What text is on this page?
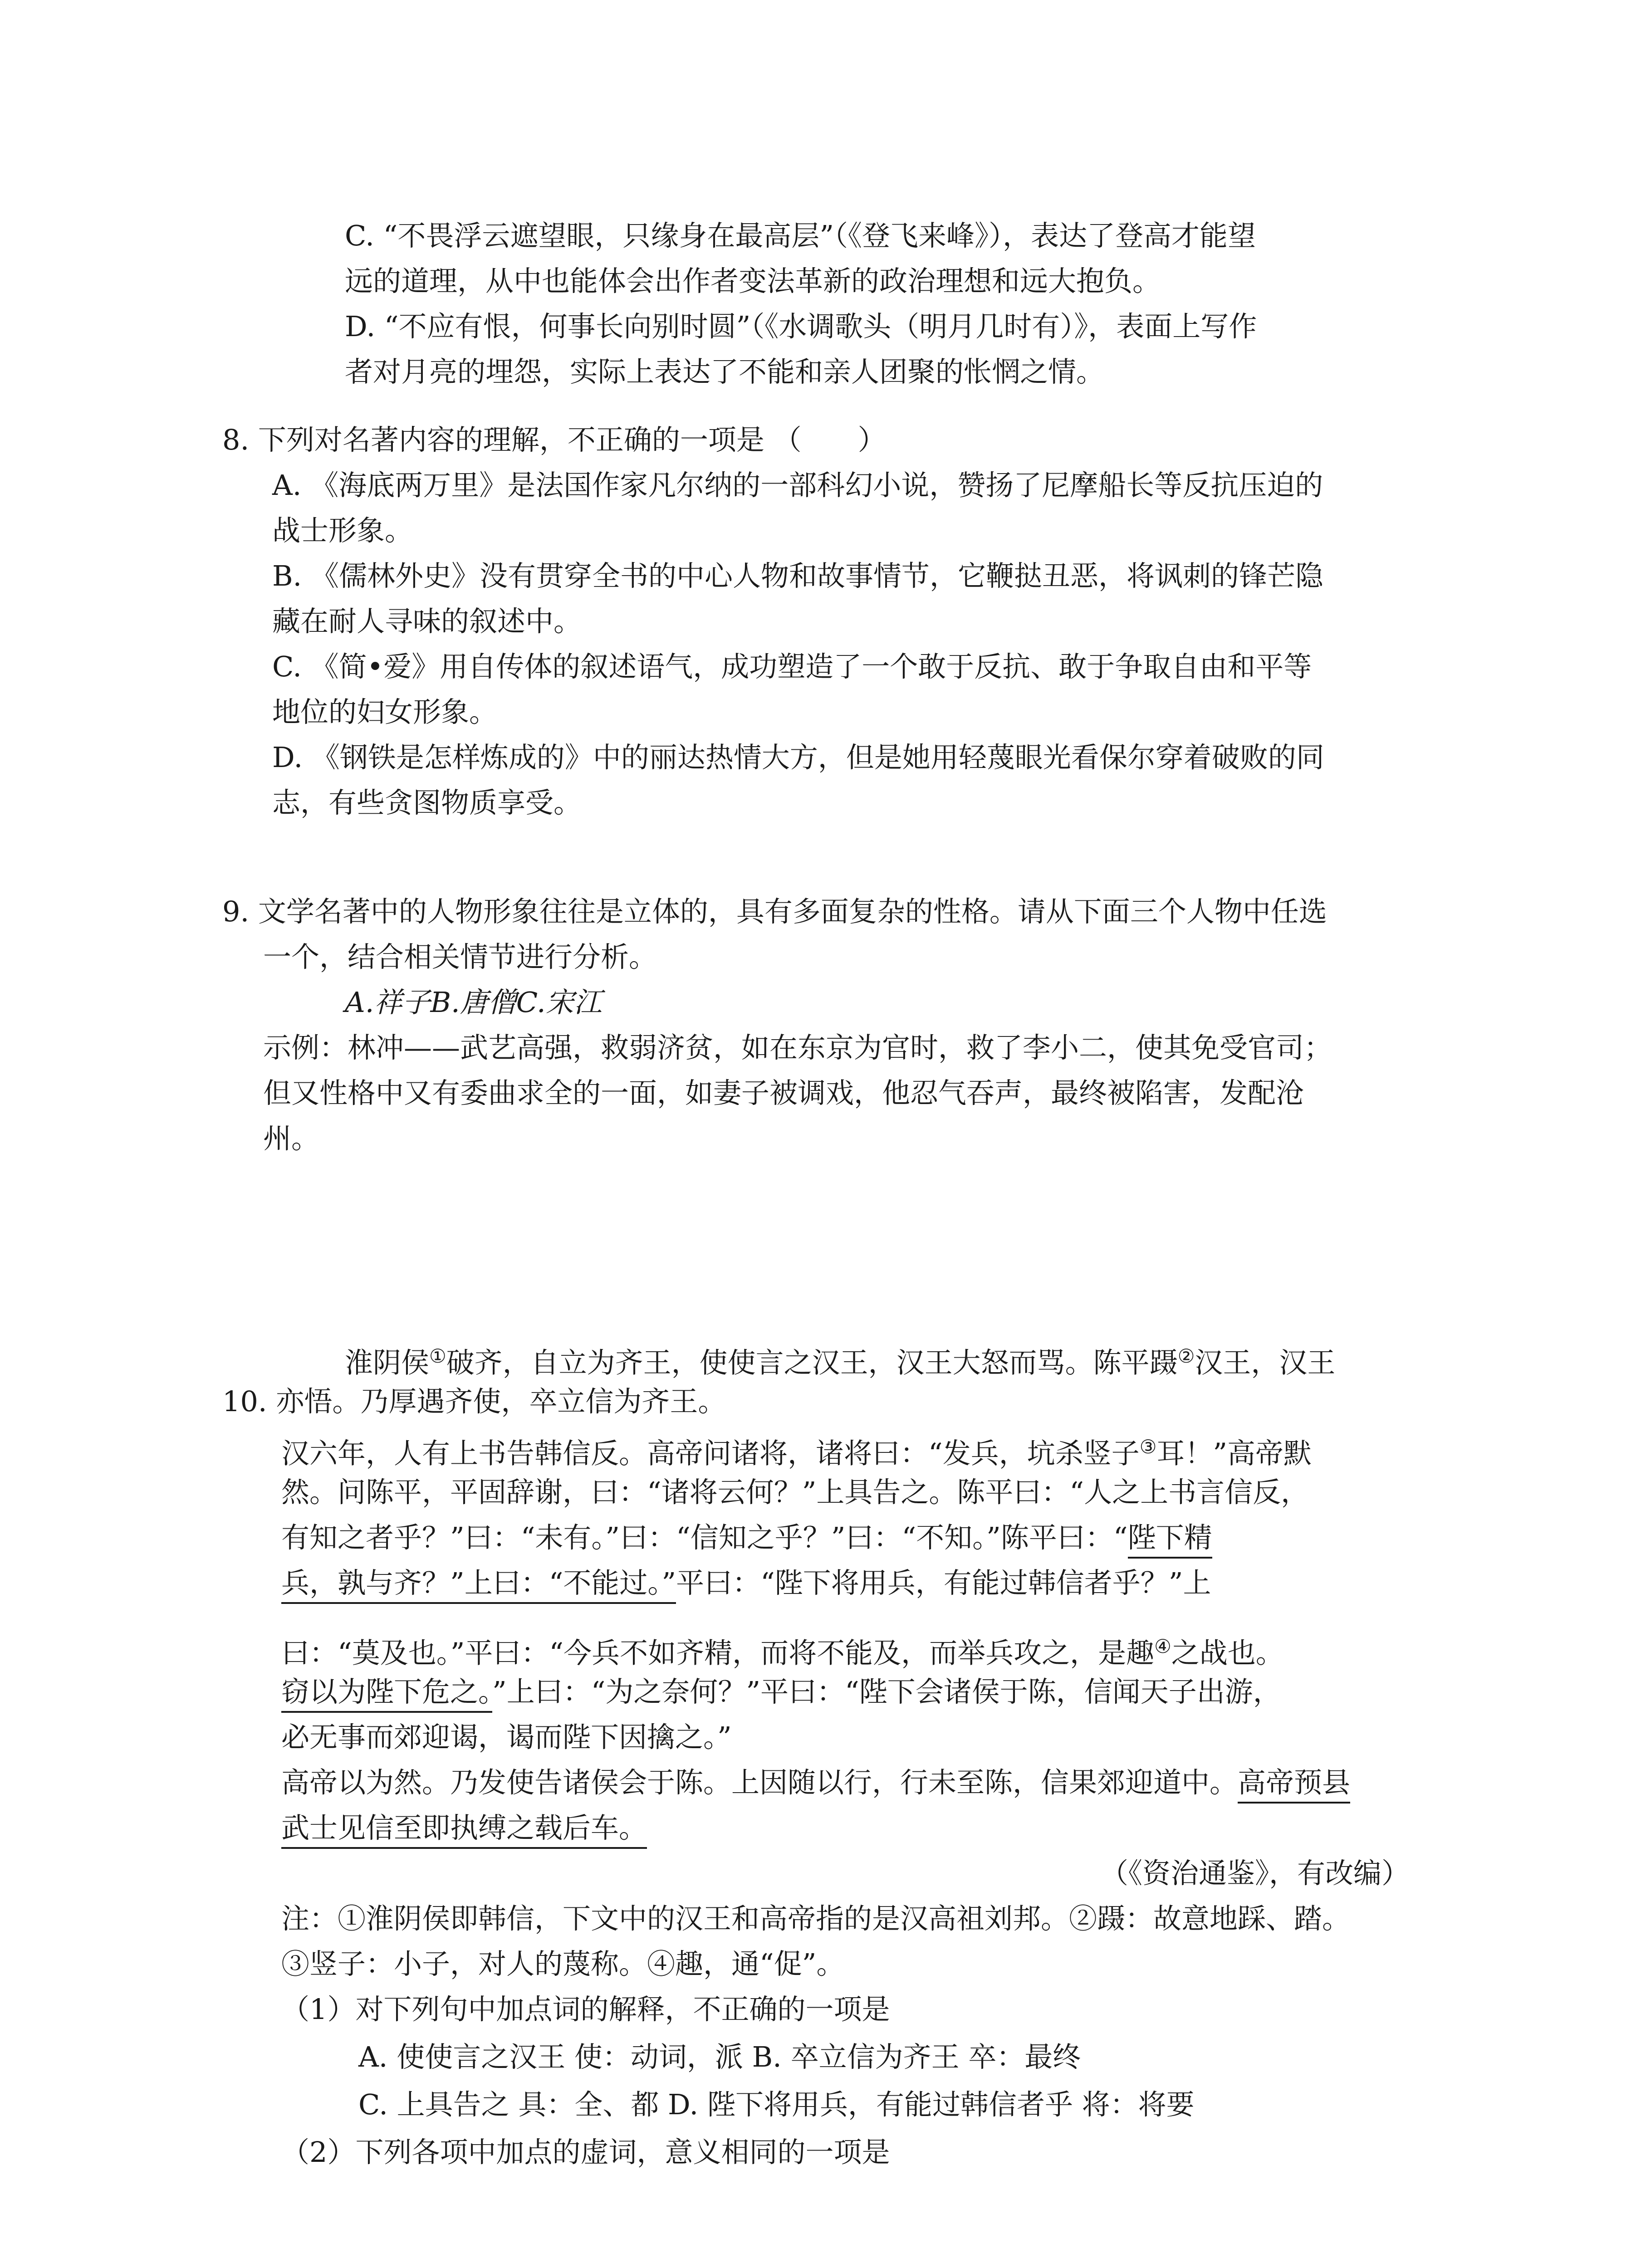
C. “不畏浮云遮望眼，只缘身在最高层”（《登飞来峰》），表达了登高才能望
远的道理，从中也能体会出作者变法革新的政治理想和远大抱负。
D. “不应有恨，何事长向别时圆”（《水调歌头（明月几时有）》，表面上写作
者对月亮的埋怨，实际上表达了不能和亲人团聚的怅惘之情。
8. 下列对名著内容的理解，不正确的一项是 （　　）
A. 《海底两万里》是法国作家凡尔纳的一部科幻小说，赞扬了尼摩船长等反抗压迫的
战士形象。
B. 《儒林外史》没有贯穿全书的中心人物和故事情节，它鞭挞丑恶，将讽刺的锋芒隐
藏在耐人寻味的叙述中。
C. 《简•爱》用自传体的叙述语气，成功塑造了一个敢于反抗、敢于争取自由和平等
地位的妇女形象。
D. 《钢铁是怎样炼成的》中的丽达热情大方，但是她用轻蔑眼光看保尔穿着破败的同
志，有些贪图物质享受。
9. 文学名著中的人物形象往往是立体的，具有多面复杂的性格。请从下面三个人物中任选
一个，结合相关情节进行分析。
A.祥子B.唐僧C.宋江
示例：林冲——武艺高强，救弱济贫，如在东京为官时，救了李小二，使其免受官司；
但又性格中又有委曲求全的一面，如妻子被调戏，他忍气吞声，最终被陷害，发配沧
州。
淮阴侯①破齐，自立为齐王，使使言之汉王，汉王大怒而骂。陈平蹑②汉王，汉王
10. 亦悟。乃厚遇齐使，卒立信为齐王。
汉六年，人有上书告韩信反。高帝问诸将，诸将曰：“发兵，坑杀竖子③耳！”高帝默
然。问陈平，平固辞谢，曰：“诸将云何？”上具告之。陈平曰：“人之上书言信反，
有知之者乎？”曰：“未有。”曰：“信知之乎？”曰：“不知。”陈平曰：“陛下精
兵，孰与齐？”上曰：“不能过。”平曰：“陛下将用兵，有能过韩信者乎？”上
曰：“莫及也。”平曰：“今兵不如齐精，而将不能及，而举兵攻之，是趣④之战也。
窃以为陛下危之。”上曰：“为之奈何？”平曰：“陛下会诸侯于陈，信闻天子出游，
必无事而郊迎谒，谒而陛下因擒之。”
高帝以为然。乃发使告诸侯会于陈。上因随以行，行未至陈，信果郊迎道中。高帝预县
武士见信至即执缚之载后车。
（《资治通鉴》，有改编）
注：①淮阴侯即韩信，下文中的汉王和高帝指的是汉高祖刘邦。②蹑：故意地踩、踏。
③竖子：小子，对人的蔑称。④趣，通“促”。
（1）对下列句中加点词的解释，不正确的一项是
A. 使使言之汉王 使：动词，派 B. 卒立信为齐王 卒：最终
C. 上具告之 具：全、都 D. 陛下将用兵，有能过韩信者乎 将：将要
（2）下列各项中加点的虚词，意义相同的一项是
